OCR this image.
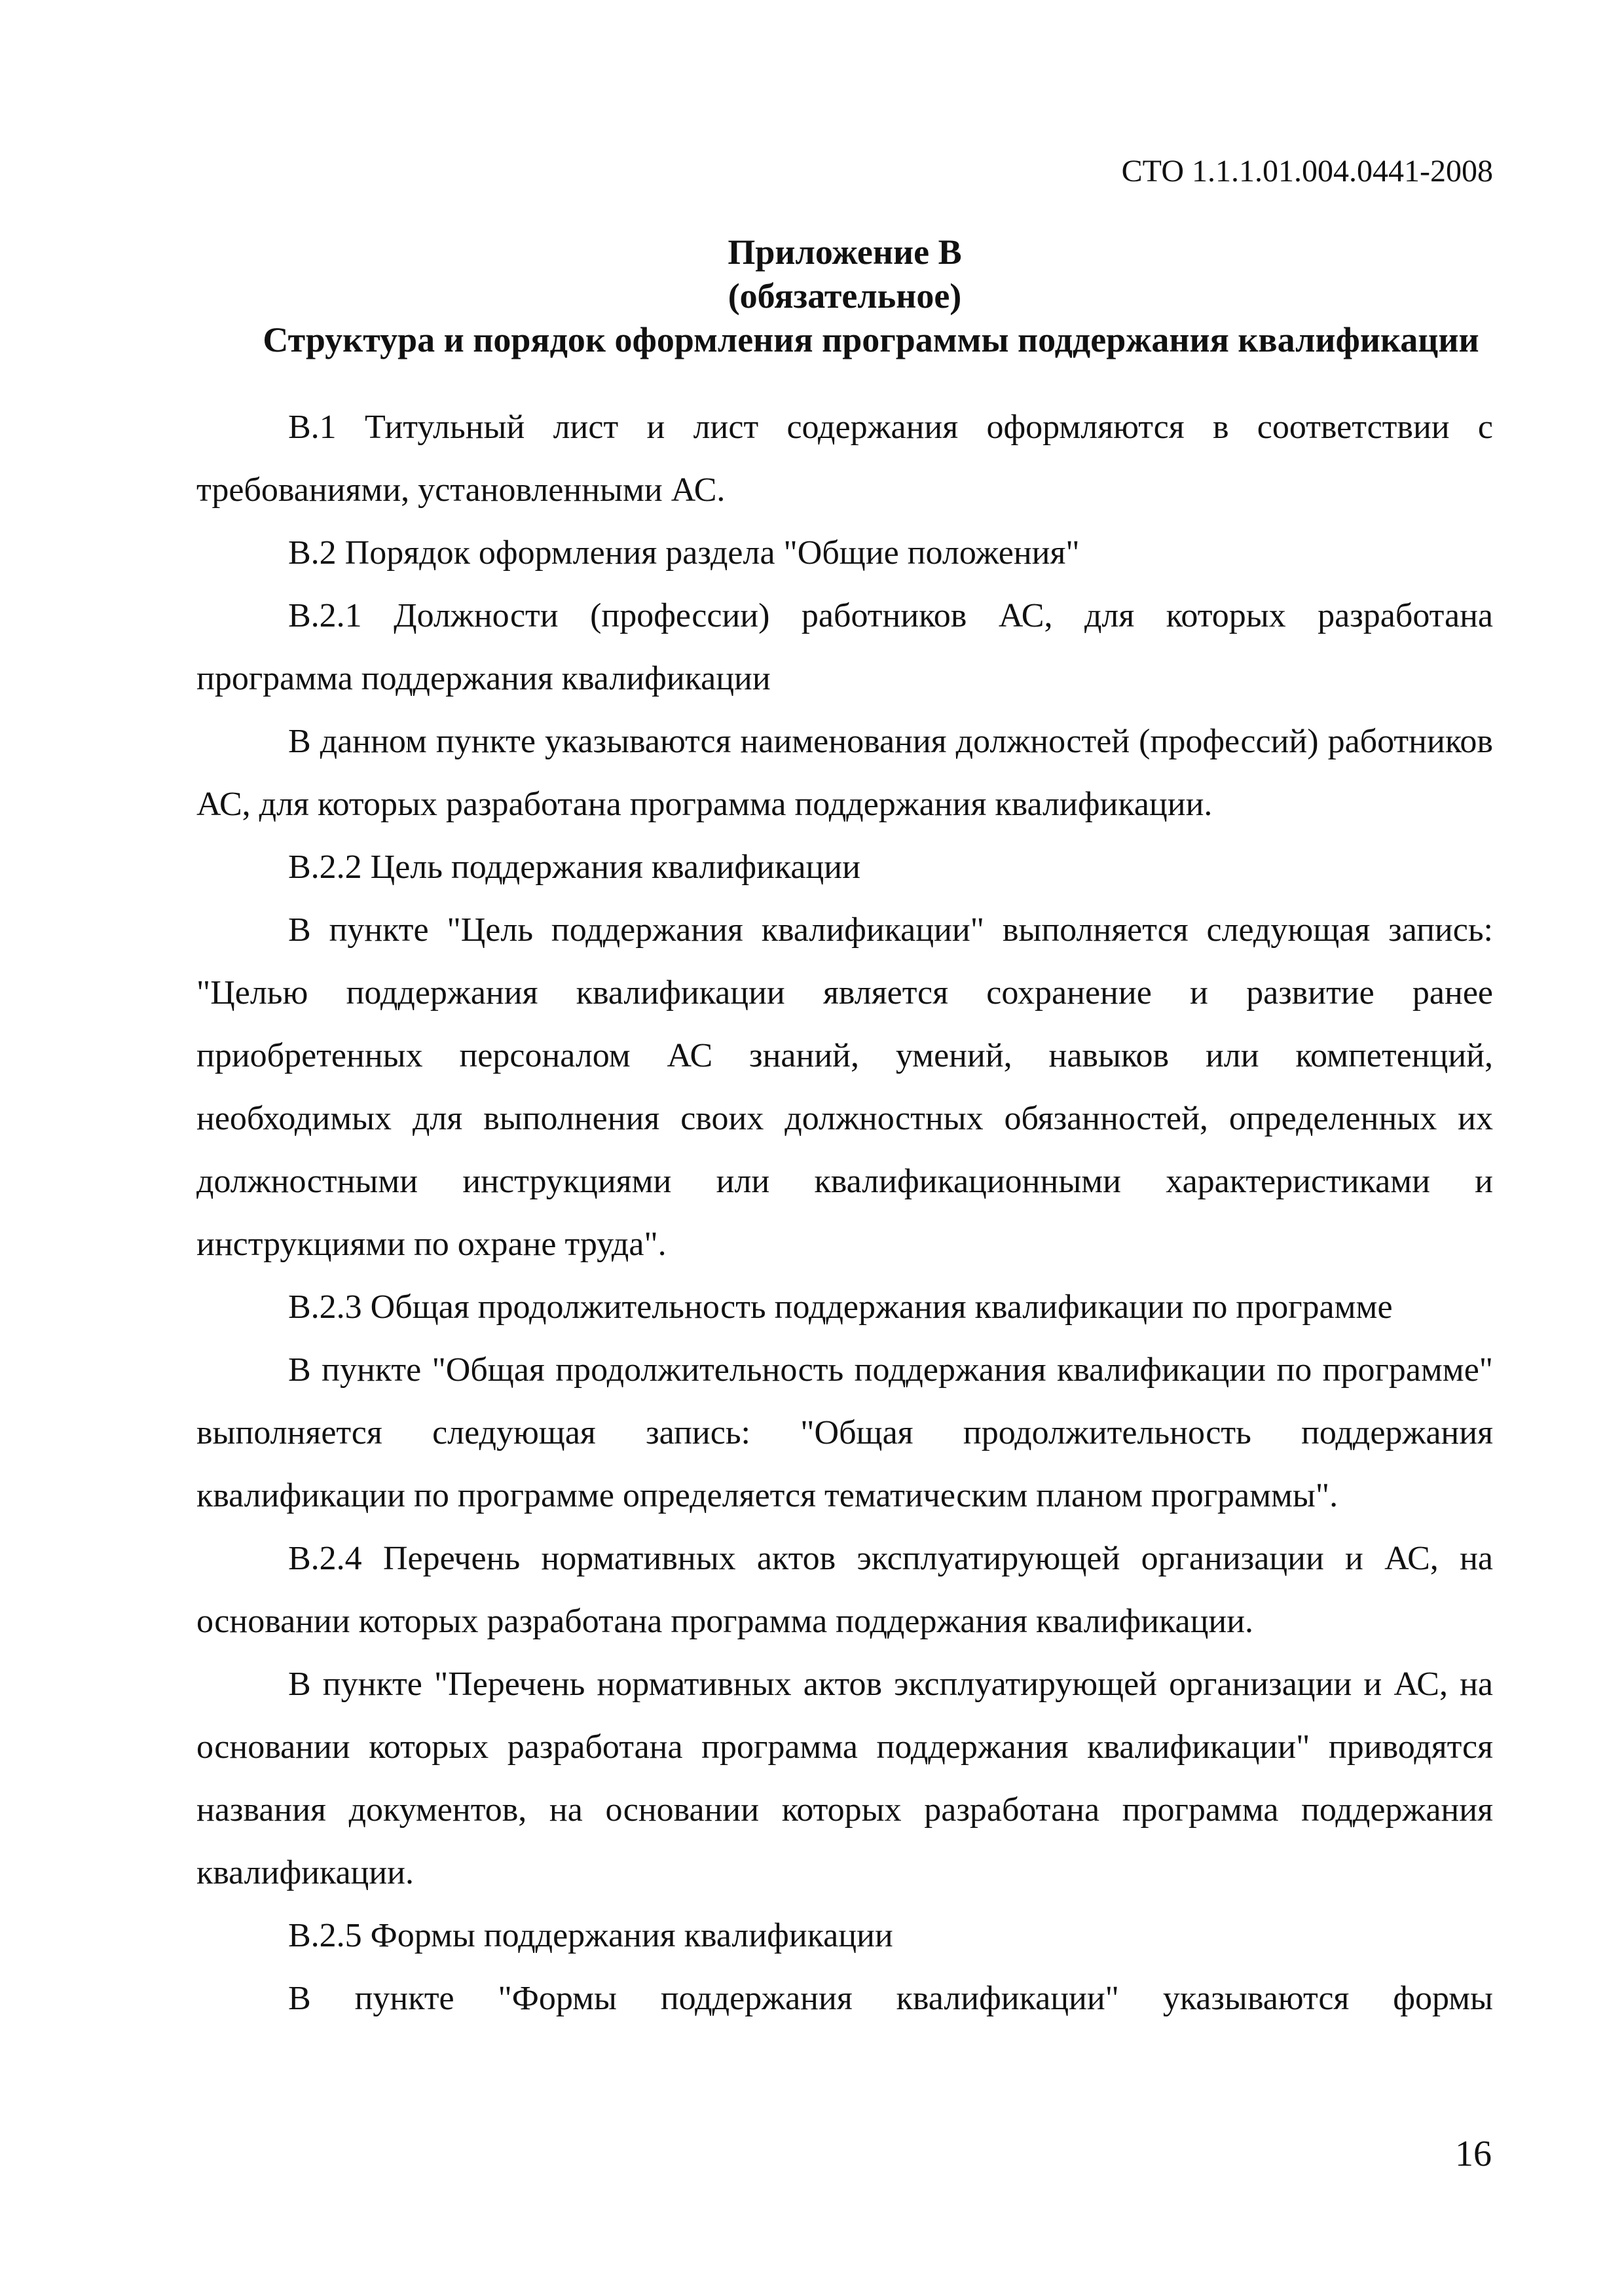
СТО 1.1.1.01.004.0441-2008
Приложение В
(обязательное)
Структура и порядок оформления программы поддержания квалификации

В.1 Титульный лист и лист содержания оформляются в соответствии с требованиями, установленными АС.

В.2 Порядок оформления раздела "Общие положения"

В.2.1 Должности (профессии) работников АС, для которых разработана программа поддержания квалификации

В данном пункте указываются наименования должностей (профессий) работников АС, для которых разработана программа поддержания квалификации.

В.2.2 Цель поддержания квалификации

В пункте "Цель поддержания квалификации" выполняется следующая запись: "Целью поддержания квалификации является сохранение и развитие ранее приобретенных персоналом АС знаний, умений, навыков или компетенций, необходимых для выполнения своих должностных обязанностей, определенных их должностными инструкциями или квалификационными характеристиками и инструкциями по охране труда".

В.2.3 Общая продолжительность поддержания квалификации по программе

В пункте "Общая продолжительность поддержания квалификации по программе" выполняется следующая запись: "Общая продолжительность поддержания квалификации по программе определяется тематическим планом программы".

В.2.4 Перечень нормативных актов эксплуатирующей организации и АС, на основании которых разработана программа поддержания квалификации.

В пункте "Перечень нормативных актов эксплуатирующей организации и АС, на основании которых разработана программа поддержания квалификации" приводятся названия документов, на основании которых разработана программа поддержания квалификации.

В.2.5 Формы поддержания квалификации

В пункте "Формы поддержания квалификации" указываются формы

16
